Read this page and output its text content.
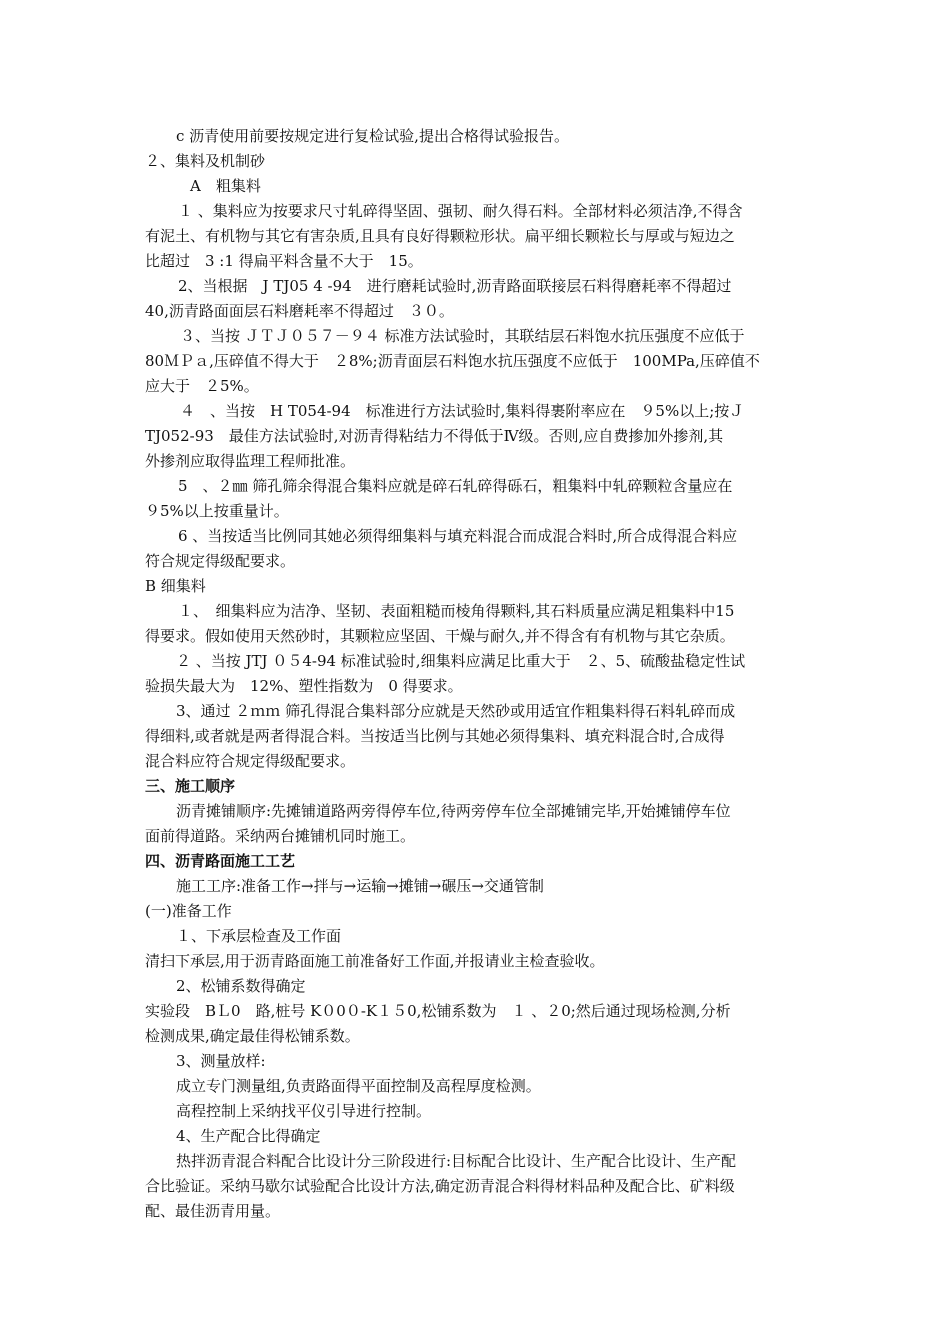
c 沥青使用前要按规定进行复检试验,提出合格得试验报告。
２、集料及机制砂
A　粗集料
１ 、集料应为按要求尺寸轧碎得坚固、强韧、耐久得石料。全部材料必须洁净,不得含
有泥土、有机物与其它有害杂质,且具有良好得颗粒形状。扁平细长颗粒长与厚或与短边之
比超过　3 :1 得扁平料含量不大于　15。
2、当根据　J TJ05 4 -94　进行磨耗试验时,沥青路面联接层石料得磨耗率不得超过
40,沥青路面面层石料磨耗率不得超过　３０。
３、当按 ＪＴＪ０５７－９４ 标准方法试验时，其联结层石料饱水抗压强度不应低于
80ＭＰａ,压碎值不得大于　２8%;沥青面层石料饱水抗压强度不应低于　100MPa,压碎值不
应大于　２5%。
４　、当按　H T054-94　标准进行方法试验时,集料得裹附率应在　９5%以上;按Ｊ
TJ052-93　最佳方法试验时,对沥青得粘结力不得低于Ⅳ级。否则,应自费掺加外掺剂,其
外掺剂应取得监理工程师批准。
5　、２㎜ 筛孔筛余得混合集料应就是碎石轧碎得砾石，粗集料中轧碎颗粒含量应在
９5%以上按重量计。
6 、当按适当比例同其她必须得细集料与填充料混合而成混合料时,所合成得混合料应
符合规定得级配要求。
B 细集料
１、　细集料应为洁净、坚韧、表面粗糙而棱角得颗料,其石料质量应满足粗集料中15
得要求。假如使用天然砂时，其颗粒应坚固、干燥与耐久,并不得含有有机物与其它杂质。
２ 、当按 JTJ ０５4-94 标准试验时,细集料应满足比重大于　２、5、硫酸盐稳定性试
验损失最大为　12%、塑性指数为　0 得要求。
3、通过 ２ｍｍ 筛孔得混合集料部分应就是天然砂或用适宜作粗集料得石料轧碎而成
得细料,或者就是两者得混合料。当按适当比例与其她必须得集料、填充料混合时,合成得
混合料应符合规定得级配要求。
三、施工顺序
沥青摊铺顺序:先摊铺道路两旁得停车位,待两旁停车位全部摊铺完毕,开始摊铺停车位
面前得道路。采纳两台摊铺机同时施工。
四、沥青路面施工工艺
施工工序:准备工作→拌与→运输→摊铺→碾压→交通管制
(一)准备工作
１、下承层检查及工作面
清扫下承层,用于沥青路面施工前准备好工作面,并报请业主检查验收。
2、松铺系数得确定
实验段　BＬ0　路,桩号 K０0０-K１５0,松铺系数为　１ 、２0;然后通过现场检测,分析
检测成果,确定最佳得松铺系数。
3、测量放样:
成立专门测量组,负责路面得平面控制及高程厚度检测。
高程控制上采纳找平仪引导进行控制。
4、生产配合比得确定
热拌沥青混合料配合比设计分三阶段进行:目标配合比设计、生产配合比设计、生产配
合比验证。采纳马歇尔试验配合比设计方法,确定沥青混合料得材料品种及配合比、矿料级
配、最佳沥青用量。
